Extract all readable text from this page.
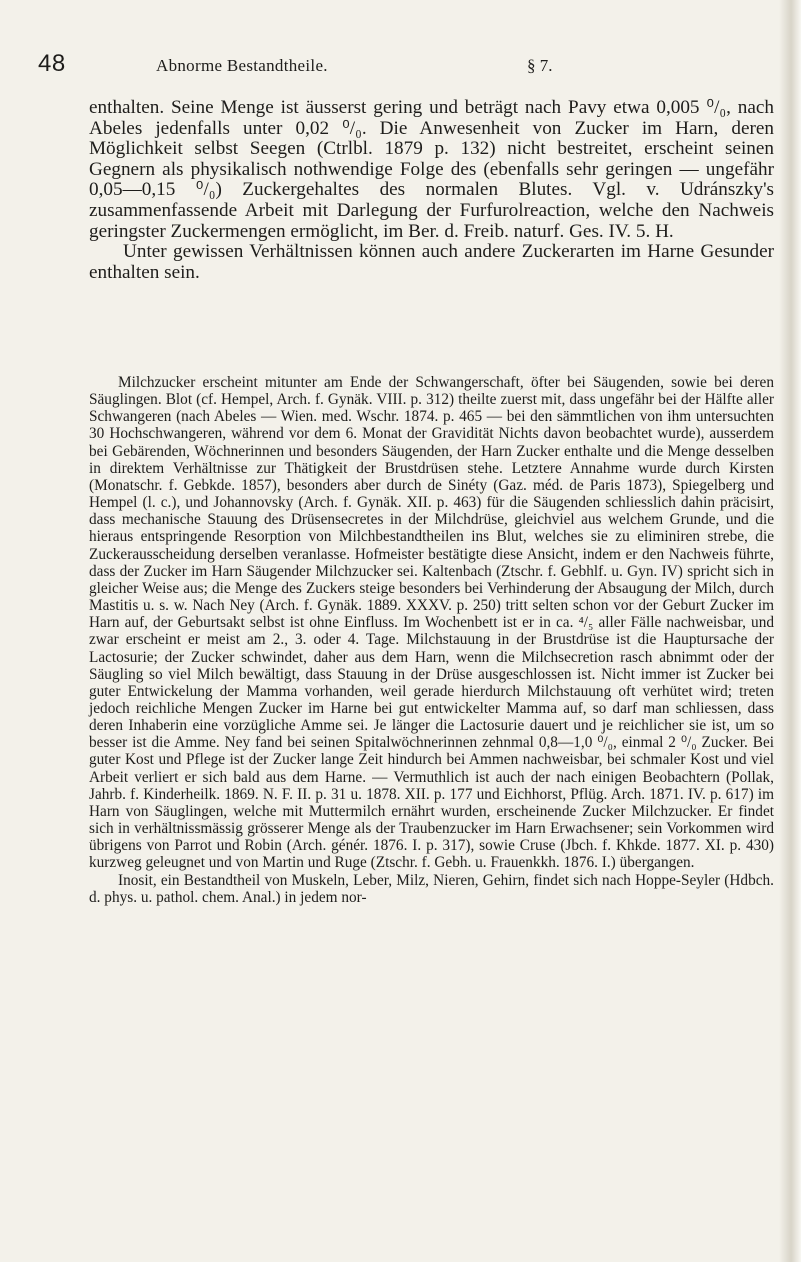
48	Abnorme Bestandtheile.	§ 7.

enthalten. Seine Menge ist äusserst gering und beträgt nach Pavy etwa 0,005 ⁰/₀, nach Abeles jedenfalls unter 0,02 ⁰/₀. Die Anwesenheit von Zucker im Harn, deren Möglichkeit selbst Seegen (Ctrlbl. 1879 p. 132) nicht bestreitet, erscheint seinen Gegnern als physikalisch nothwendige Folge des (ebenfalls sehr geringen — ungefähr 0,05—0,15 ⁰/₀) Zuckergehaltes des normalen Blutes. Vgl. v. Udránszky's zusammenfassende Arbeit mit Darlegung der Furfurolreaction, welche den Nachweis geringster Zuckermengen ermöglicht, im Ber. d. Freib. naturf. Ges. IV. 5. H.

Unter gewissen Verhältnissen können auch andere Zuckerarten im Harne Gesunder enthalten sein.

Milchzucker erscheint mitunter am Ende der Schwangerschaft, öfter bei Säugenden, sowie bei deren Säuglingen. Blot (cf. Hempel, Arch. f. Gynäk. VIII. p. 312) theilte zuerst mit, dass ungefähr bei der Hälfte aller Schwangeren (nach Abeles — Wien. med. Wschr. 1874. p. 465 — bei den sämmtlichen von ihm untersuchten 30 Hochschwangeren, während vor dem 6. Monat der Gravidität Nichts davon beobachtet wurde), ausserdem bei Gebärenden, Wöchnerinnen und besonders Säugenden, der Harn Zucker enthalte und die Menge desselben in direktem Verhältnisse zur Thätigkeit der Brustdrüsen stehe. Letztere Annahme wurde durch Kirsten (Monatschr. f. Gebkde. 1857), besonders aber durch de Sinéty (Gaz. méd. de Paris 1873), Spiegelberg und Hempel (l. c.), und Johannovsky (Arch. f. Gynäk. XII. p. 463) für die Säugenden schliesslich dahin präcisirt, dass mechanische Stauung des Drüsensecretes in der Milchdrüse, gleichviel aus welchem Grunde, und die hieraus entspringende Resorption von Milchbestandtheilen ins Blut, welches sie zu eliminiren strebe, die Zuckerausscheidung derselben veranlasse. Hofmeister bestätigte diese Ansicht, indem er den Nachweis führte, dass der Zucker im Harn Säugender Milchzucker sei. Kaltenbach (Ztschr. f. Gebhlf. u. Gyn. IV) spricht sich in gleicher Weise aus; die Menge des Zuckers steige besonders bei Verhinderung der Absaugung der Milch, durch Mastitis u. s. w. Nach Ney (Arch. f. Gynäk. 1889. XXXV. p. 250) tritt selten schon vor der Geburt Zucker im Harn auf, der Geburtsakt selbst ist ohne Einfluss. Im Wochenbett ist er in ca. ⁴/₅ aller Fälle nachweisbar, und zwar erscheint er meist am 2., 3. oder 4. Tage. Milchstauung in der Brustdrüse ist die Hauptursache der Lactosurie; der Zucker schwindet, daher aus dem Harn, wenn die Milchsecretion rasch abnimmt oder der Säugling so viel Milch bewältigt, dass Stauung in der Drüse ausgeschlossen ist. Nicht immer ist Zucker bei guter Entwickelung der Mamma vorhanden, weil gerade hierdurch Milchstauung oft verhütet wird; treten jedoch reichliche Mengen Zucker im Harne bei gut entwickelter Mamma auf, so darf man schliessen, dass deren Inhaberin eine vorzügliche Amme sei. Je länger die Lactosurie dauert und je reichlicher sie ist, um so besser ist die Amme. Ney fand bei seinen Spitalwöchnerinnen zehnmal 0,8—1,0 ⁰/₀, einmal 2 ⁰/₀ Zucker. Bei guter Kost und Pflege ist der Zucker lange Zeit hindurch bei Ammen nachweisbar, bei schmaler Kost und viel Arbeit verliert er sich bald aus dem Harne. — Vermuthlich ist auch der nach einigen Beobachtern (Pollak, Jahrb. f. Kinderheilk. 1869. N. F. II. p. 31 u. 1878. XII. p. 177 und Eichhorst, Pflüg. Arch. 1871. IV. p. 617) im Harn von Säuglingen, welche mit Muttermilch ernährt wurden, erscheinende Zucker Milchzucker. Er findet sich in verhältnissmässig grösserer Menge als der Traubenzucker im Harn Erwachsener; sein Vorkommen wird übrigens von Parrot und Robin (Arch. génér. 1876. I. p. 317), sowie Cruse (Jbch. f. Khkde. 1877. XI. p. 430) kurzweg geleugnet und von Martin und Ruge (Ztschr. f. Gebh. u. Frauenkkh. 1876. I.) übergangen.

Inosit, ein Bestandtheil von Muskeln, Leber, Milz, Nieren, Gehirn, findet sich nach Hoppe-Seyler (Hdbch. d. phys. u. pathol. chem. Anal.) in jedem nor-
